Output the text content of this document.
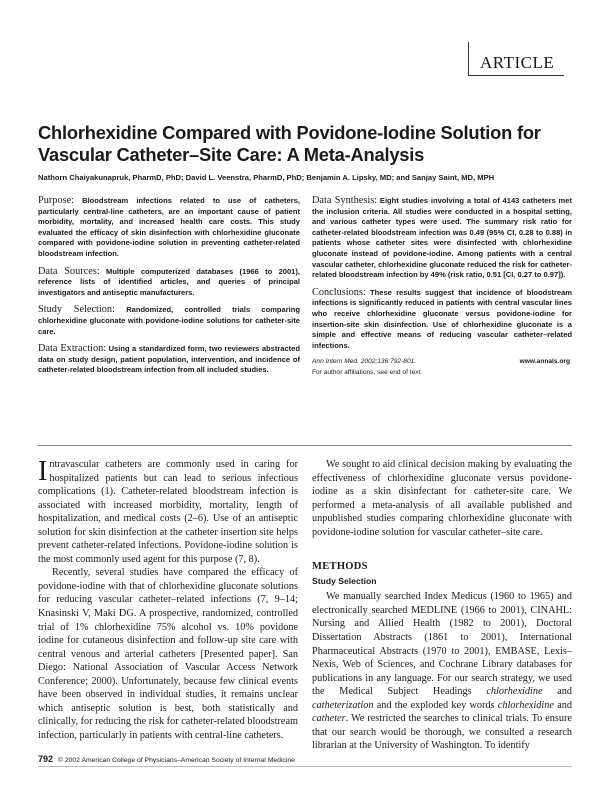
ARTICLE
Chlorhexidine Compared with Povidone-Iodine Solution for Vascular Catheter–Site Care: A Meta-Analysis

Nathorn Chaiyakunapruk, PharmD, PhD; David L. Veenstra, PharmD, PhD; Benjamin A. Lipsky, MD; and Sanjay Saint, MD, MPH

Purpose: Bloodstream infections related to use of catheters, particularly central-line catheters, are an important cause of patient morbidity, mortality, and increased health care costs. This study evaluated the efficacy of skin disinfection with chlorhexidine gluconate compared with povidone-iodine solution in preventing catheter-related bloodstream infection.

Data Sources: Multiple computerized databases (1966 to 2001), reference lists of identified articles, and queries of principal investigators and antiseptic manufacturers.

Study Selection: Randomized, controlled trials comparing chlorhexidine gluconate with povidone-iodine solutions for catheter-site care.

Data Extraction: Using a standardized form, two reviewers abstracted data on study design, patient population, intervention, and incidence of catheter-related bloodstream infection from all included studies.

Data Synthesis: Eight studies involving a total of 4143 catheters met the inclusion criteria. All studies were conducted in a hospital setting, and various catheter types were used. The summary risk ratio for catheter-related bloodstream infection was 0.49 (95% CI, 0.28 to 0.88) in patients whose catheter sites were disinfected with chlorhexidine gluconate instead of povidone-iodine. Among patients with a central vascular catheter, chlorhexidine gluconate reduced the risk for catheter-related bloodstream infection by 49% (risk ratio, 0.51 [CI, 0.27 to 0.97]).

Conclusions: These results suggest that incidence of bloodstream infections is significantly reduced in patients with central vascular lines who receive chlorhexidine gluconate versus povidone-iodine for insertion-site skin disinfection. Use of chlorhexidine gluconate is a simple and effective means of reducing vascular catheter–related infections.

Ann Intern Med. 2002;136:792-801.	www.annals.org
For author affiliations, see end of text.

Intravascular catheters are commonly used in caring for hospitalized patients but can lead to serious infectious complications (1). Catheter-related bloodstream infection is associated with increased morbidity, mortality, length of hospitalization, and medical costs (2–6). Use of an antiseptic solution for skin disinfection at the catheter insertion site helps prevent catheter-related infections. Povidone-iodine solution is the most commonly used agent for this purpose (7, 8).

Recently, several studies have compared the efficacy of povidone-iodine with that of chlorhexidine gluconate solutions for reducing vascular catheter–related infections (7, 9–14; Knasinski V, Maki DG. A prospective, randomized, controlled trial of 1% chlorhexidine 75% alcohol vs. 10% povidone iodine for cutaneous disinfection and follow-up site care with central venous and arterial catheters [Presented paper]. San Diego: National Association of Vascular Access Network Conference; 2000). Unfortunately, because few clinical events have been observed in individual studies, it remains unclear which antiseptic solution is best, both statistically and clinically, for reducing the risk for catheter-related bloodstream infection, particularly in patients with central-line catheters.

We sought to aid clinical decision making by evaluating the effectiveness of chlorhexidine gluconate versus povidone-iodine as a skin disinfectant for catheter-site care. We performed a meta-analysis of all available published and unpublished studies comparing chlorhexidine gluconate with povidone-iodine solution for vascular catheter–site care.

METHODS
Study Selection

We manually searched Index Medicus (1960 to 1965) and electronically searched MEDLINE (1966 to 2001), CINAHL: Nursing and Allied Health (1982 to 2001), Doctoral Dissertation Abstracts (1861 to 2001), International Pharmaceutical Abstracts (1970 to 2001), EMBASE, Lexis–Nexis, Web of Sciences, and Cochrane Library databases for publications in any language. For our search strategy, we used the Medical Subject Headings chlorhexidine and catheterization and the exploded key words chlorhexidine and catheter. We restricted the searches to clinical trials. To ensure that our search would be thorough, we consulted a research librarian at the University of Washington. To identify

792 © 2002 American College of Physicians–American Society of Internal Medicine
